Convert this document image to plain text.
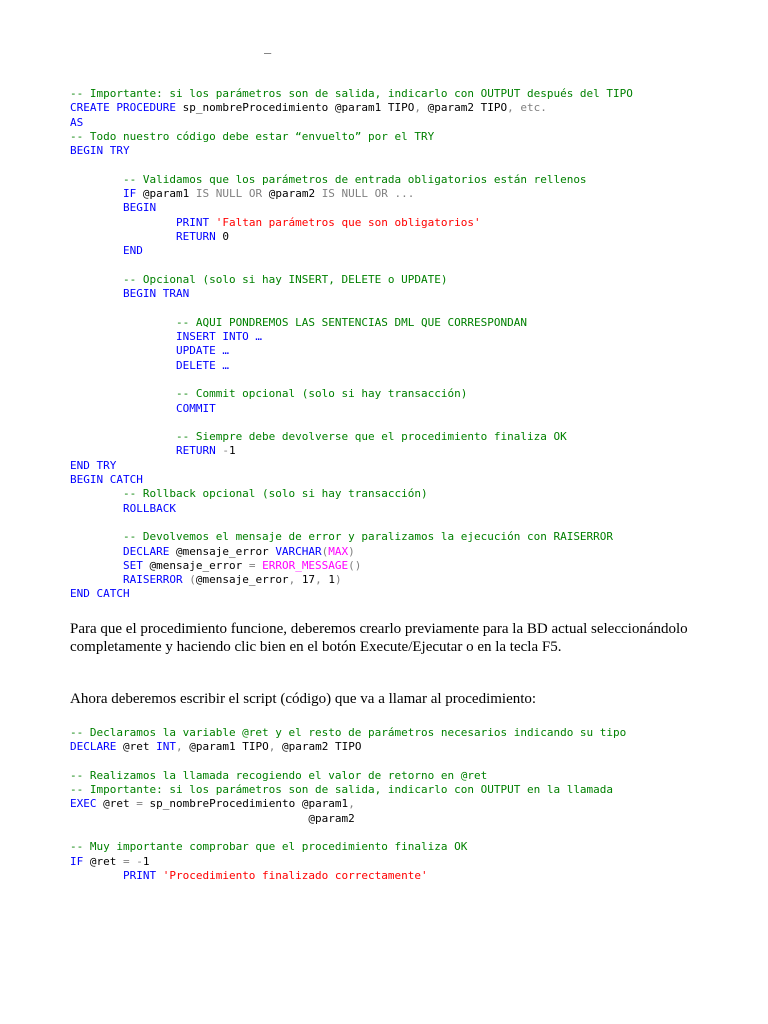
_
-- Importante: si los parámetros son de salida, indicarlo con OUTPUT después del TIPO
CREATE PROCEDURE sp_nombreProcedimiento @param1 TIPO, @param2 TIPO, etc.
AS
-- Todo nuestro código debe estar “envuelto” por el TRY
BEGIN TRY

-- Validamos que los parámetros de entrada obligatorios están rellenos
IF @param1 IS NULL OR @param2 IS NULL OR ...
BEGIN
PRINT 'Faltan parámetros que son obligatorios'
RETURN 0
END

-- Opcional (solo si hay INSERT, DELETE o UPDATE)
BEGIN TRAN

-- AQUI PONDREMOS LAS SENTENCIAS DML QUE CORRESPONDAN
INSERT INTO …
UPDATE …
DELETE …

-- Commit opcional (solo si hay transacción)
COMMIT

-- Siempre debe devolverse que el procedimiento finaliza OK
RETURN -1
END TRY
BEGIN CATCH
-- Rollback opcional (solo si hay transacción)
ROLLBACK

-- Devolvemos el mensaje de error y paralizamos la ejecución con RAISERROR
DECLARE @mensaje_error VARCHAR(MAX)
SET @mensaje_error = ERROR_MESSAGE()
RAISERROR (@mensaje_error, 17, 1)
END CATCH

Para que el procedimiento funcione, deberemos crearlo previamente para la BD actual seleccionándolo completamente y haciendo clic bien en el botón Execute/Ejecutar o en la tecla F5.

Ahora deberemos escribir el script (código) que va a llamar al procedimiento:

-- Declaramos la variable @ret y el resto de parámetros necesarios indicando su tipo
DECLARE @ret INT, @param1 TIPO, @param2 TIPO

-- Realizamos la llamada recogiendo el valor de retorno en @ret
-- Importante: si los parámetros son de salida, indicarlo con OUTPUT en la llamada
EXEC @ret = sp_nombreProcedimiento @param1,
@param2

-- Muy importante comprobar que el procedimiento finaliza OK
IF @ret = -1
PRINT 'Procedimiento finalizado correctamente'
